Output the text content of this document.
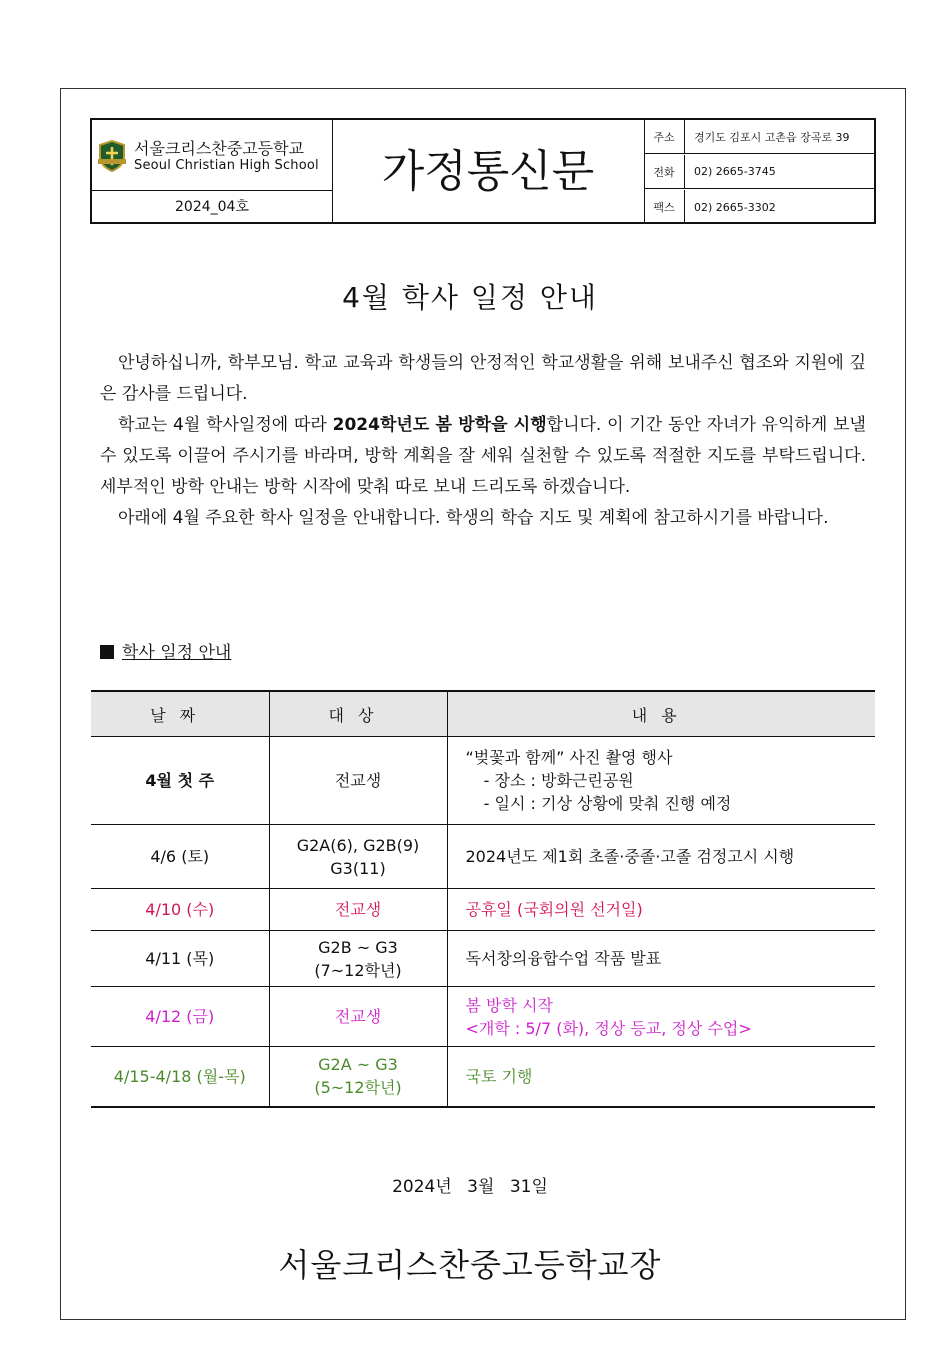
서울크리스찬중고등학교
Seoul Christian High School
2024_04호
가정통신문
주소	경기도 김포시 고촌읍 장곡로 39
전화	02) 2665-3745
팩스	02) 2665-3302
4월 학사 일정 안내

안녕하십니까, 학부모님. 학교 교육과 학생들의 안정적인 학교생활을 위해 보내주신 협조와 지원에 깊은 감사를 드립니다.

학교는 4월 학사일정에 따라 2024학년도 봄 방학을 시행합니다. 이 기간 동안 자녀가 유익하게 보낼 수 있도록 이끌어 주시기를 바라며, 방학 계획을 잘 세워 실천할 수 있도록 적절한 지도를 부탁드립니다. 세부적인 방학 안내는 방학 시작에 맞춰 따로 보내 드리도록 하겠습니다.

아래에 4월 주요한 학사 일정을 안내합니다. 학생의 학습 지도 및 계획에 참고하시기를 바랍니다.

학사 일정 안내
날짜	대상	내용
4월 첫 주	전교생	“벚꽃과 함께” 사진 촬영 행사
- 장소 : 방화근린공원
- 일시 : 기상 상황에 맞춰 진행 예정

4/6 (토)	G2A(6), G2B(9) G3(11)	2024년도 제1회 초졸·중졸·고졸 검정고시 시행

4/10 (수)	전교생	공휴일 (국회의원 선거일)

4/11 (목)	G2B ~ G3 (7~12학년)	독서창의융합수업 작품 발표

4/12 (금)	전교생	봄 방학 시작
<개학 : 5/7 (화), 정상 등교, 정상 수업>

4/15-4/18 (월-목)	G2A ~ G3 (5~12학년)	국토 기행
2024년 3월 31일
서울크리스찬중고등학교장
